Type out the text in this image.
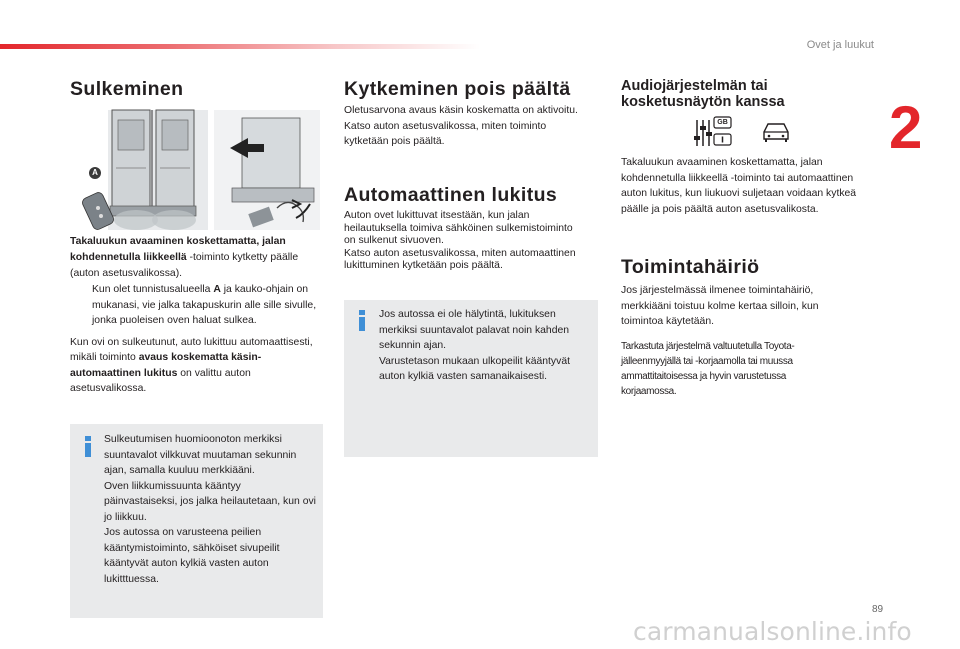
Ovet ja luukut
2
Sulkeminen
A

Takaluukun avaaminen koskettamatta, jalan kohdennetulla liikkeellä -toiminto kytketty päälle (auton asetusvalikossa).

Kun olet tunnistusalueella A ja kauko-ohjain on mukanasi, vie jalka takapuskurin alle sille sivulle, jonka puoleisen oven haluat sulkea.

Kun ovi on sulkeutunut, auto lukittuu automaattisesti, mikäli toiminto avaus koskematta käsin-automaattinen lukitus on valittu auton asetusvalikossa.

Sulkeutumisen huomioonoton merkiksi suuntavalot vilkkuvat muutaman sekunnin ajan, samalla kuuluu merkkiääni.
Oven liikkumissuunta kääntyy päinvastaiseksi, jos jalka heilautetaan, kun ovi jo liikkuu.
Jos autossa on varusteena peilien kääntymistoiminto, sähköiset sivupeilit kääntyvät auton kylkiä vasten auton lukitttuessa.

Kytkeminen pois päältä

Oletusarvona avaus käsin koskematta on aktivoitu.
Katso auton asetusvalikossa, miten toiminto kytketään pois päältä.

Automaattinen lukitus

Auton ovet lukittuvat itsestään, kun jalan heilautuksella toimiva sähköinen sulkemistoiminto on sulkenut sivuoven.
Katso auton asetusvalikossa, miten automaattinen lukittuminen kytketään pois päältä.

Jos autossa ei ole hälytintä, lukituksen merkiksi suuntavalot palavat noin kahden sekunnin ajan.
Varustetason mukaan ulkopeilit kääntyvät auton kylkiä vasten samanaikaisesti.

Audiojärjestelmän tai kosketusnäytön kanssa
GB

Takaluukun avaaminen koskettamatta, jalan kohdennetulla liikkeellä -toiminto tai automaattinen auton lukitus, kun liukuovi suljetaan voidaan kytkeä päälle ja pois päältä auton asetusvalikosta.

Toimintahäiriö

Jos järjestelmässä ilmenee toimintahäiriö, merkkiääni toistuu kolme kertaa silloin, kun toimintoa käytetään.

Tarkastuta järjestelmä valtuutetulla Toyota-jälleenmyyjällä tai -korjaamolla tai muussa ammattitaitoisessa ja hyvin varustetussa korjaamossa.

89
carmanualsonline.info
